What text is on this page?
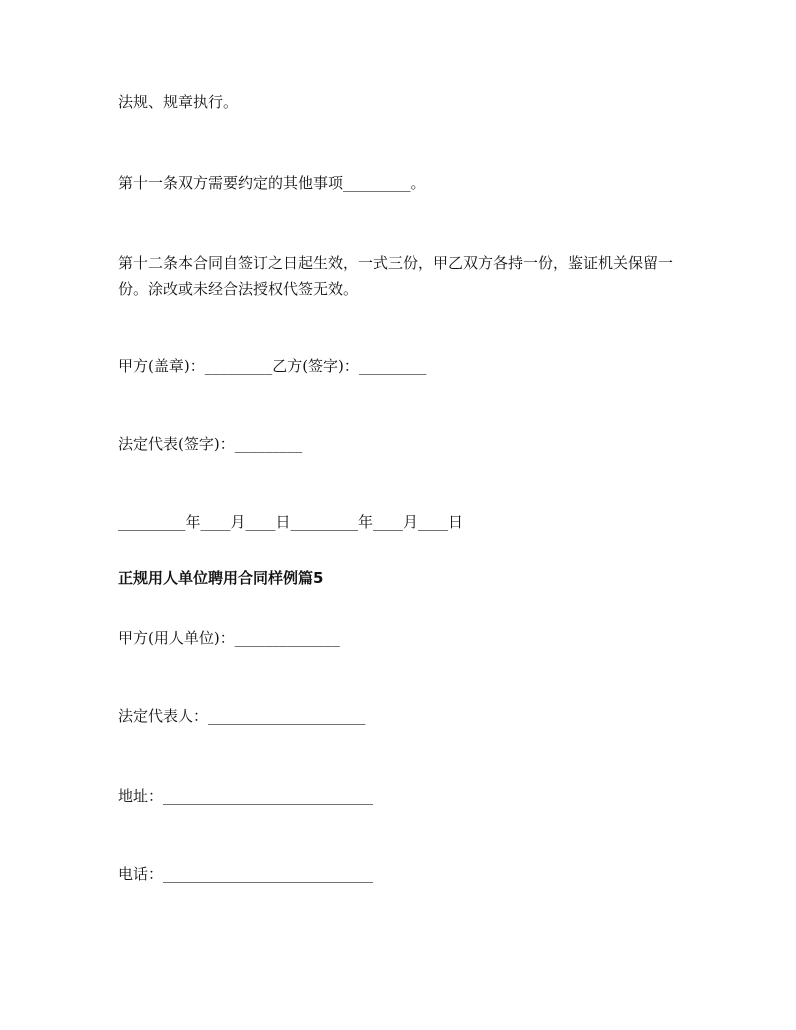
法规、规章执行。
第十一条双方需要约定的其他事项_________。
第十二条本合同自签订之日起生效，一式三份，甲乙双方各持一份，鉴证机关保留一份。涂改或未经合法授权代签无效。
甲方(盖章)：_________乙方(签字)：_________
法定代表(签字)：_________
_________年____月____日_________年____月____日
正规用人单位聘用合同样例篇5
甲方(用人单位)：______________
法定代表人：_____________________
地址：____________________________
电话：____________________________
